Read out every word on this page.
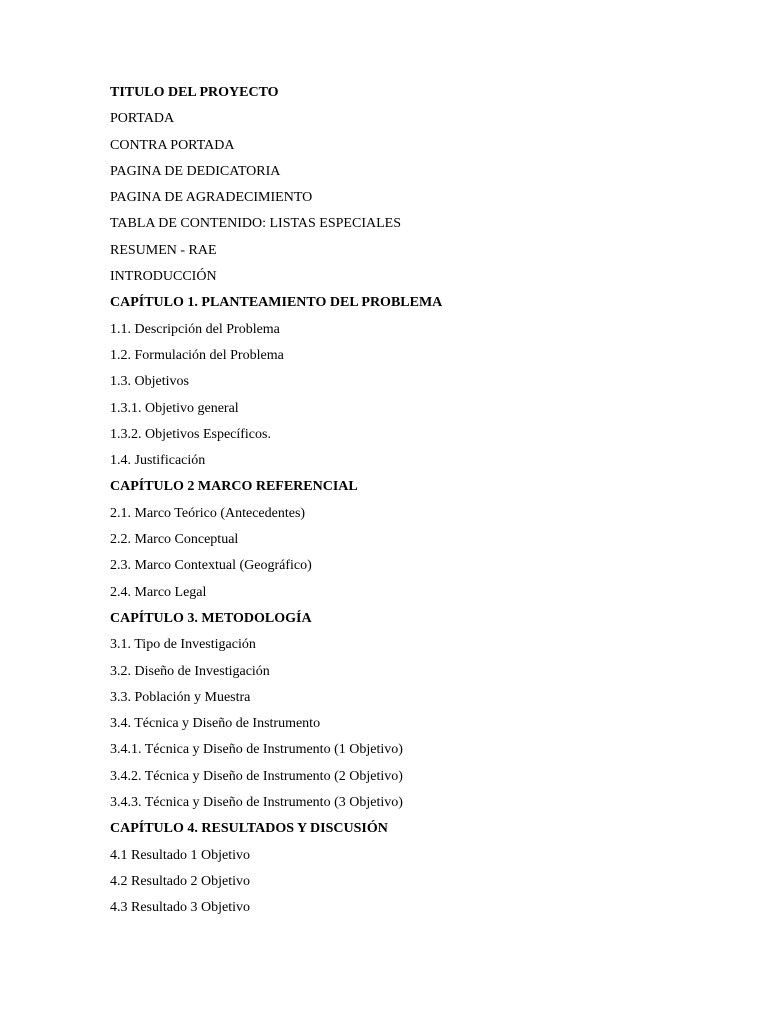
TITULO DEL PROYECTO
PORTADA
CONTRA PORTADA
PAGINA DE DEDICATORIA
PAGINA DE AGRADECIMIENTO
TABLA DE CONTENIDO: LISTAS ESPECIALES
RESUMEN - RAE
INTRODUCCIÓN
CAPÍTULO 1. PLANTEAMIENTO DEL PROBLEMA
1.1. Descripción del Problema
1.2. Formulación del Problema
1.3. Objetivos
1.3.1. Objetivo general
1.3.2. Objetivos Específicos.
1.4. Justificación
CAPÍTULO 2 MARCO REFERENCIAL
2.1. Marco Teórico (Antecedentes)
2.2. Marco Conceptual
2.3. Marco Contextual (Geográfico)
2.4. Marco Legal
CAPÍTULO 3. METODOLOGÍA
3.1. Tipo de Investigación
3.2. Diseño de Investigación
3.3. Población y Muestra
3.4. Técnica y Diseño de Instrumento
3.4.1. Técnica y Diseño de Instrumento (1 Objetivo)
3.4.2. Técnica y Diseño de Instrumento (2 Objetivo)
3.4.3. Técnica y Diseño de Instrumento (3 Objetivo)
CAPÍTULO 4. RESULTADOS Y DISCUSIÓN
4.1 Resultado 1 Objetivo
4.2 Resultado 2 Objetivo
4.3 Resultado 3 Objetivo
